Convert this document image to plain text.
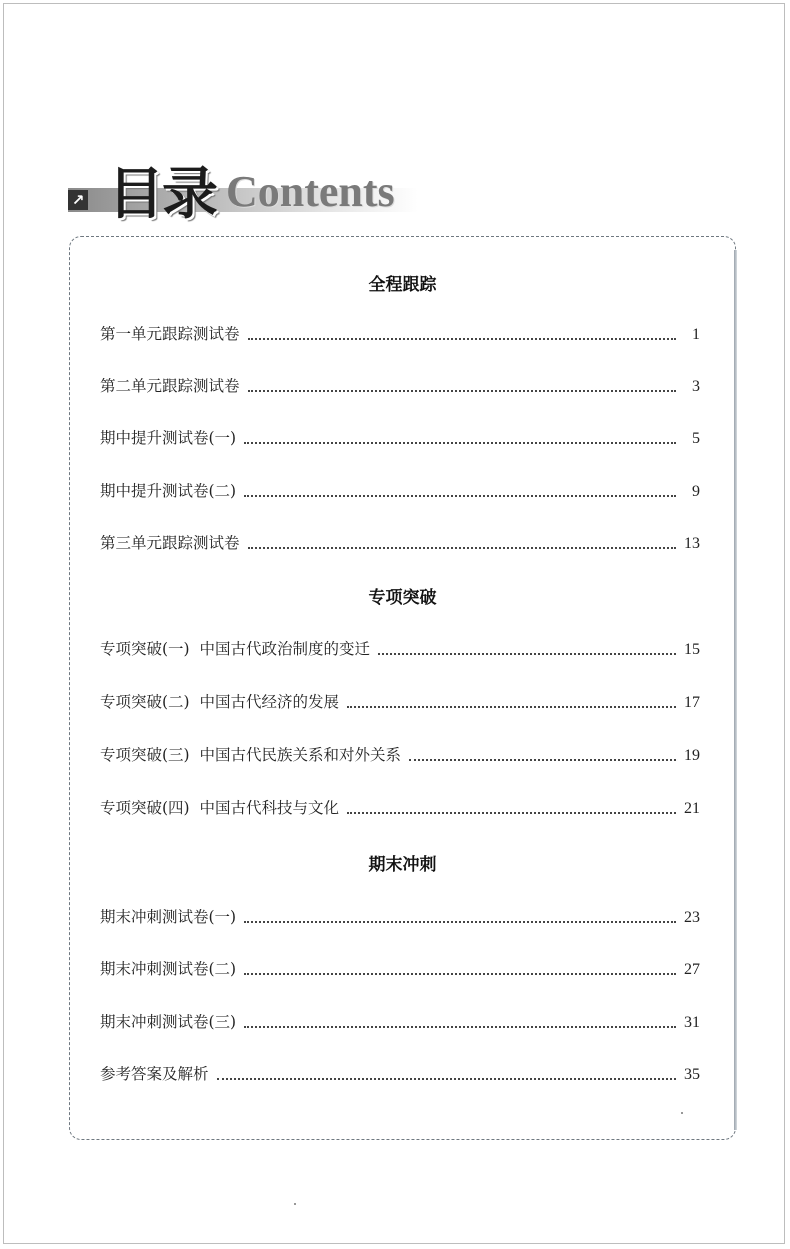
↗ 目录 Contents
全程跟踪
第一单元跟踪测试卷	1
第二单元跟踪测试卷	3
期中提升测试卷(一)	5
期中提升测试卷(二)	9
第三单元跟踪测试卷	13
专项突破
专项突破(一)  中国古代政治制度的变迁	15
专项突破(二)  中国古代经济的发展	17
专项突破(三)  中国古代民族关系和对外关系	19
专项突破(四)  中国古代科技与文化	21
期末冲刺
期末冲刺测试卷(一)	23
期末冲刺测试卷(二)	27
期末冲刺测试卷(三)	31
参考答案及解析	35
